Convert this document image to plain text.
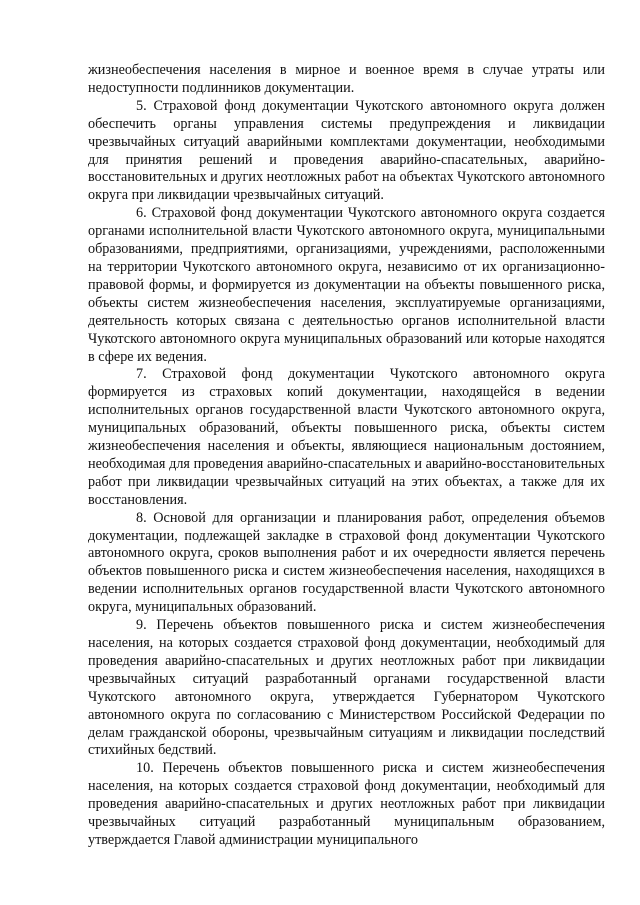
жизнеобеспечения населения в мирное и военное время в случае утраты или недоступности подлинников документации.

5. Страховой фонд документации Чукотского автономного округа должен обеспечить органы управления системы предупреждения и ликвидации чрезвычайных ситуаций аварийными комплектами документации, необходимыми для принятия решений и проведения аварийно-спасательных, аварийно-восстановительных и других неотложных работ на объектах Чукотского автономного округа при ликвидации чрезвычайных ситуаций.

6. Страховой фонд документации Чукотского автономного округа создается органами исполнительной власти Чукотского автономного округа, муниципальными образованиями, предприятиями, организациями, учреждениями, расположенными на территории Чукотского автономного округа, независимо от их организационно-правовой формы, и формируется из документации на объекты повышенного риска, объекты систем жизнеобеспечения населения, эксплуатируемые организациями, деятельность которых связана с деятельностью органов исполнительной власти Чукотского автономного округа муниципальных образований или которые находятся в сфере их ведения.

7. Страховой фонд документации Чукотского автономного округа формируется из страховых копий документации, находящейся в ведении исполнительных органов государственной власти Чукотского автономного округа, муниципальных образований, объекты повышенного риска, объекты систем жизнеобеспечения населения и объекты, являющиеся национальным достоянием, необходимая для проведения аварийно-спасательных и аварийно-восстановительных работ при ликвидации чрезвычайных ситуаций на этих объектах, а также для их восстановления.

8. Основой для организации и планирования работ, определения объемов документации, подлежащей закладке в страховой фонд документации Чукотского автономного округа, сроков выполнения работ и их очередности является перечень объектов повышенного риска и систем жизнеобеспечения населения, находящихся в ведении исполнительных органов государственной власти Чукотского автономного округа, муниципальных образований.

9. Перечень объектов повышенного риска и систем жизнеобеспечения населения, на которых создается страховой фонд документации, необходимый для проведения аварийно-спасательных и других неотложных работ при ликвидации чрезвычайных ситуаций разработанный органами государственной власти Чукотского автономного округа, утверждается Губернатором Чукотского автономного округа по согласованию с Министерством Российской Федерации по делам гражданской обороны, чрезвычайным ситуациям и ликвидации последствий стихийных бедствий.

10. Перечень объектов повышенного риска и систем жизнеобеспечения населения, на которых создается страховой фонд документации, необходимый для проведения аварийно-спасательных и других неотложных работ при ликвидации чрезвычайных ситуаций разработанный муниципальным образованием, утверждается Главой администрации муниципального
